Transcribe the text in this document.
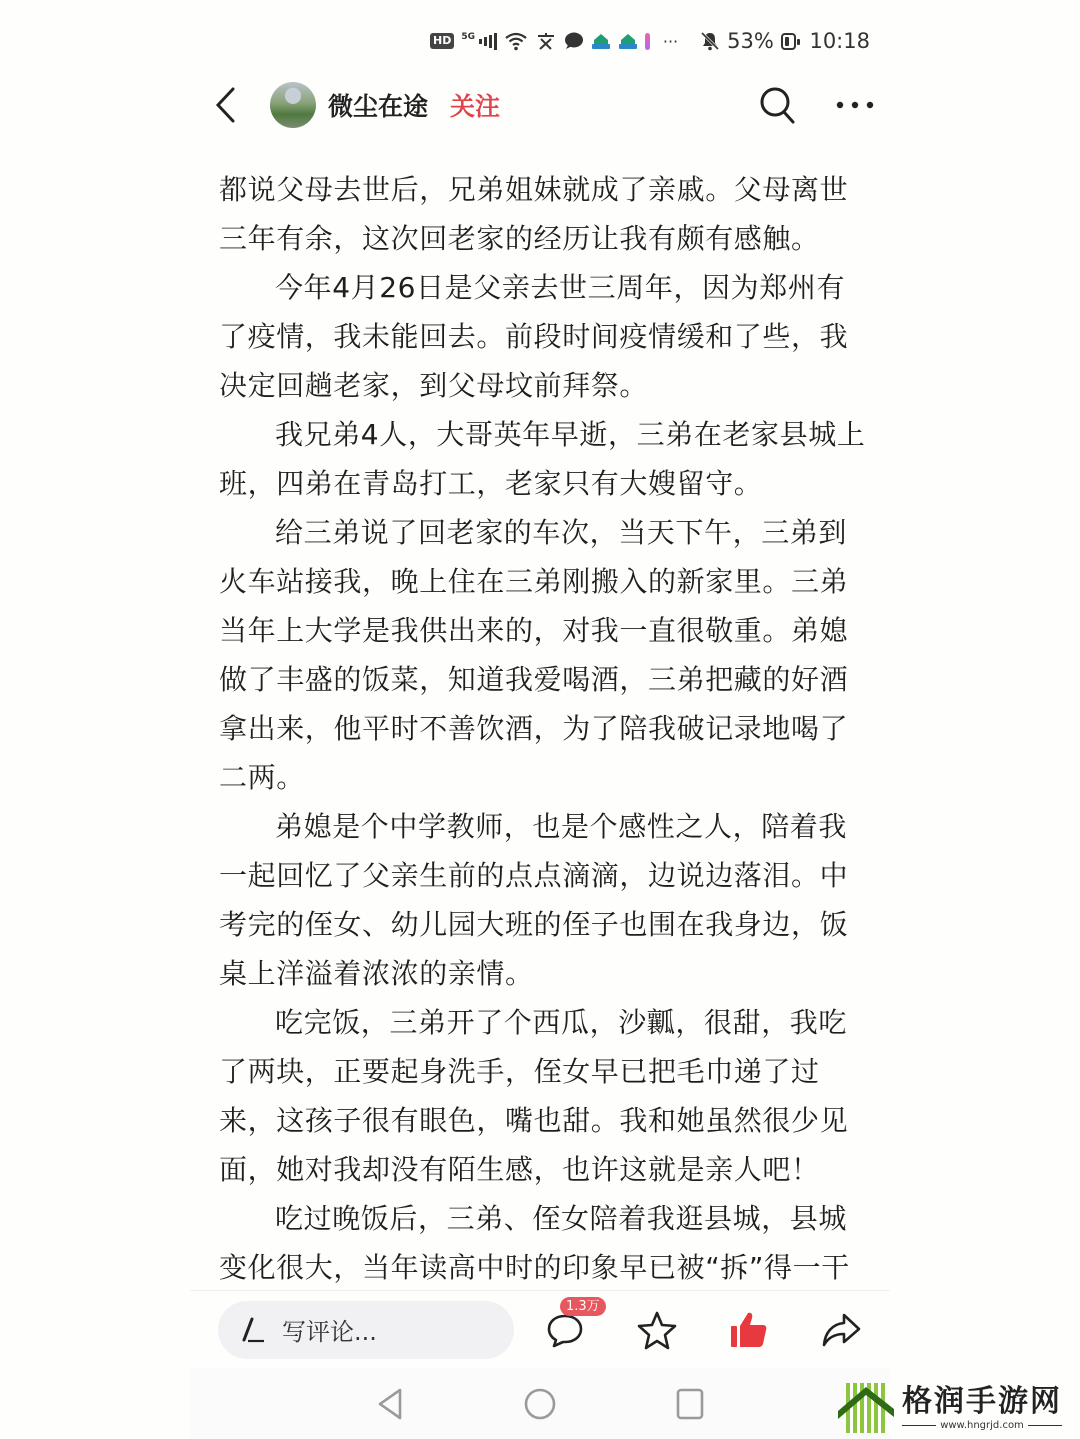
HD	5G	··· 53% 10:18
微尘在途 关注

都说父母去世后，兄弟姐妹就成了亲戚。父母离世三年有余，这次回老家的经历让我有颇有感触。

今年4月26日是父亲去世三周年，因为郑州有了疫情，我未能回去。前段时间疫情缓和了些，我决定回趟老家，到父母坟前拜祭。

我兄弟4人，大哥英年早逝，三弟在老家县城上班，四弟在青岛打工，老家只有大嫂留守。

给三弟说了回老家的车次，当天下午，三弟到火车站接我，晚上住在三弟刚搬入的新家里。三弟当年上大学是我供出来的，对我一直很敬重。弟媳做了丰盛的饭菜，知道我爱喝酒，三弟把藏的好酒拿出来，他平时不善饮酒，为了陪我破记录地喝了二两。

弟媳是个中学教师，也是个感性之人，陪着我一起回忆了父亲生前的点点滴滴，边说边落泪。中考完的侄女、幼儿园大班的侄子也围在我身边，饭桌上洋溢着浓浓的亲情。

吃完饭，三弟开了个西瓜，沙瓤，很甜，我吃了两块，正要起身洗手，侄女早已把毛巾递了过来，这孩子很有眼色，嘴也甜。我和她虽然很少见面，她对我却没有陌生感，也许这就是亲人吧！

吃过晚饭后，三弟、侄女陪着我逛县城，县城变化很大，当年读高中时的印象早已被“拆”得一干

写评论...
1.3万
格润手游网
www.hngrjd.com
